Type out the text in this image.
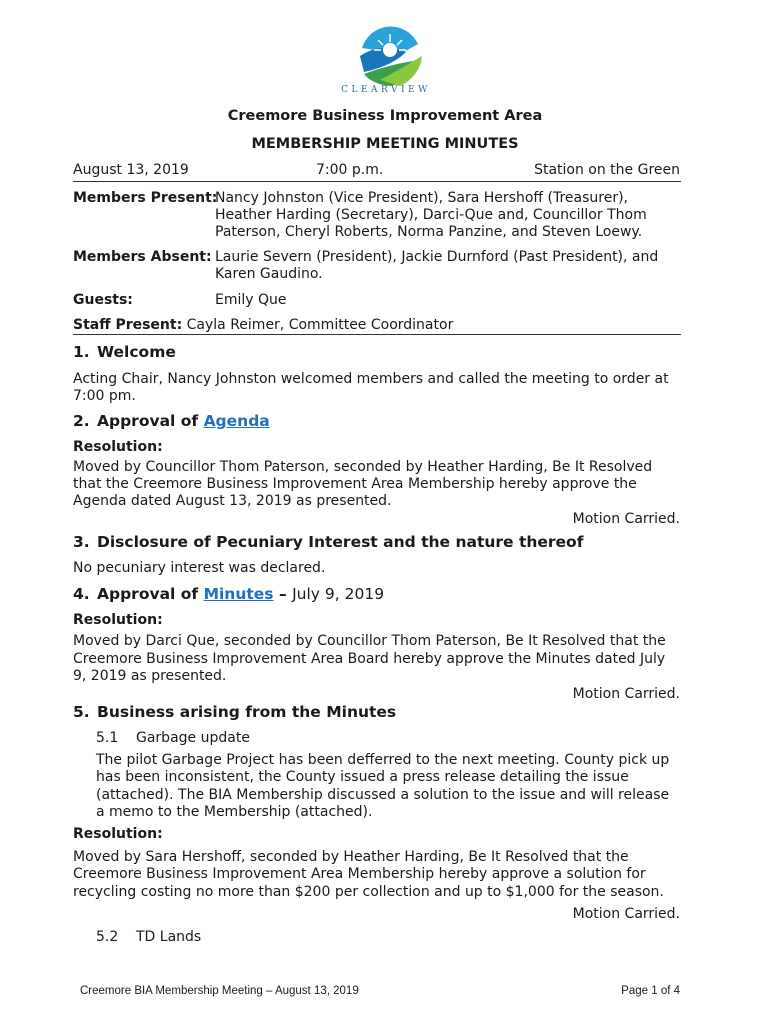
CLEARVIEW
Creemore Business Improvement Area
MEMBERSHIP MEETING MINUTES
August 13, 2019	7:00 p.m.	Station on the Green
Members Present:
Nancy Johnston (Vice President), Sara Hershoff (Treasurer),
Heather Harding (Secretary), Darci-Que and, Councillor Thom
Paterson, Cheryl Roberts, Norma Panzine, and Steven Loewy.
Members Absent: Laurie Severn (President), Jackie Durnford (Past President), and
Karen Gaudino.
Guests:	Emily Que
Staff Present: Cayla Reimer, Committee Coordinator
1. Welcome
Acting Chair, Nancy Johnston welcomed members and called the meeting to order at
7:00 pm.
2. Approval of Agenda
Resolution:
Moved by Councillor Thom Paterson, seconded by Heather Harding, Be It Resolved
that the Creemore Business Improvement Area Membership hereby approve the
Agenda dated August 13, 2019 as presented.
Motion Carried.
3. Disclosure of Pecuniary Interest and the nature thereof
No pecuniary interest was declared.
4. Approval of Minutes – July 9, 2019
Resolution:
Moved by Darci Que, seconded by Councillor Thom Paterson, Be It Resolved that the
Creemore Business Improvement Area Board hereby approve the Minutes dated July
9, 2019 as presented.
Motion Carried.
5. Business arising from the Minutes
5.1 Garbage update
The pilot Garbage Project has been defferred to the next meeting. County pick up
has been inconsistent, the County issued a press release detailing the issue
(attached). The BIA Membership discussed a solution to the issue and will release
a memo to the Membership (attached).
Resolution:
Moved by Sara Hershoff, seconded by Heather Harding, Be It Resolved that the
Creemore Business Improvement Area Membership hereby approve a solution for
recycling costing no more than $200 per collection and up to $1,000 for the season.
Motion Carried.
5.2 TD Lands
Creemore BIA Membership Meeting – August 13, 2019	Page 1 of 4
